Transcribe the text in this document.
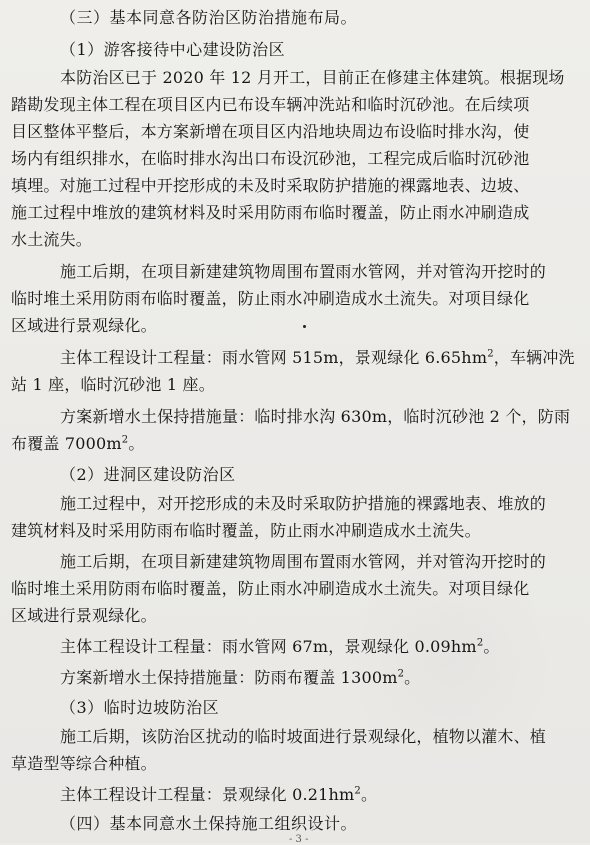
（三）基本同意各防治区防治措施布局。
（1）游客接待中心建设防治区
本防治区已于 2020 年 12 月开工，目前正在修建主体建筑。根据现场
踏勘发现主体工程在项目区内已布设车辆冲洗站和临时沉砂池。在后续项
目区整体平整后，本方案新增在项目区内沿地块周边布设临时排水沟，使
场内有组织排水，在临时排水沟出口布设沉砂池，工程完成后临时沉砂池
填埋。对施工过程中开挖形成的未及时采取防护措施的裸露地表、边坡、
施工过程中堆放的建筑材料及时采用防雨布临时覆盖，防止雨水冲刷造成
水土流失。
施工后期，在项目新建建筑物周围布置雨水管网，并对管沟开挖时的
临时堆土采用防雨布临时覆盖，防止雨水冲刷造成水土流失。对项目绿化
区域进行景观绿化。
主体工程设计工程量：雨水管网 515m，景观绿化 $6.65hm^2$，车辆冲洗
站 1 座，临时沉砂池 1 座。
方案新增水土保持措施量：临时排水沟 630m，临时沉砂池 2 个，防雨
布覆盖 $7000m^2$。
（2）进洞区建设防治区
施工过程中，对开挖形成的未及时采取防护措施的裸露地表、堆放的
建筑材料及时采用防雨布临时覆盖，防止雨水冲刷造成水土流失。
施工后期，在项目新建建筑物周围布置雨水管网，并对管沟开挖时的
临时堆土采用防雨布临时覆盖，防止雨水冲刷造成水土流失。对项目绿化
区域进行景观绿化。
主体工程设计工程量：雨水管网 67m，景观绿化 $0.09hm^2$。
方案新增水土保持措施量：防雨布覆盖 $1300m^2$。
（3）临时边坡防治区
施工后期，该防治区扰动的临时坡面进行景观绿化，植物以灌木、植
草造型等综合种植。
主体工程设计工程量：景观绿化 $0.21hm^2$。
（四）基本同意水土保持施工组织设计。
- 3 -
